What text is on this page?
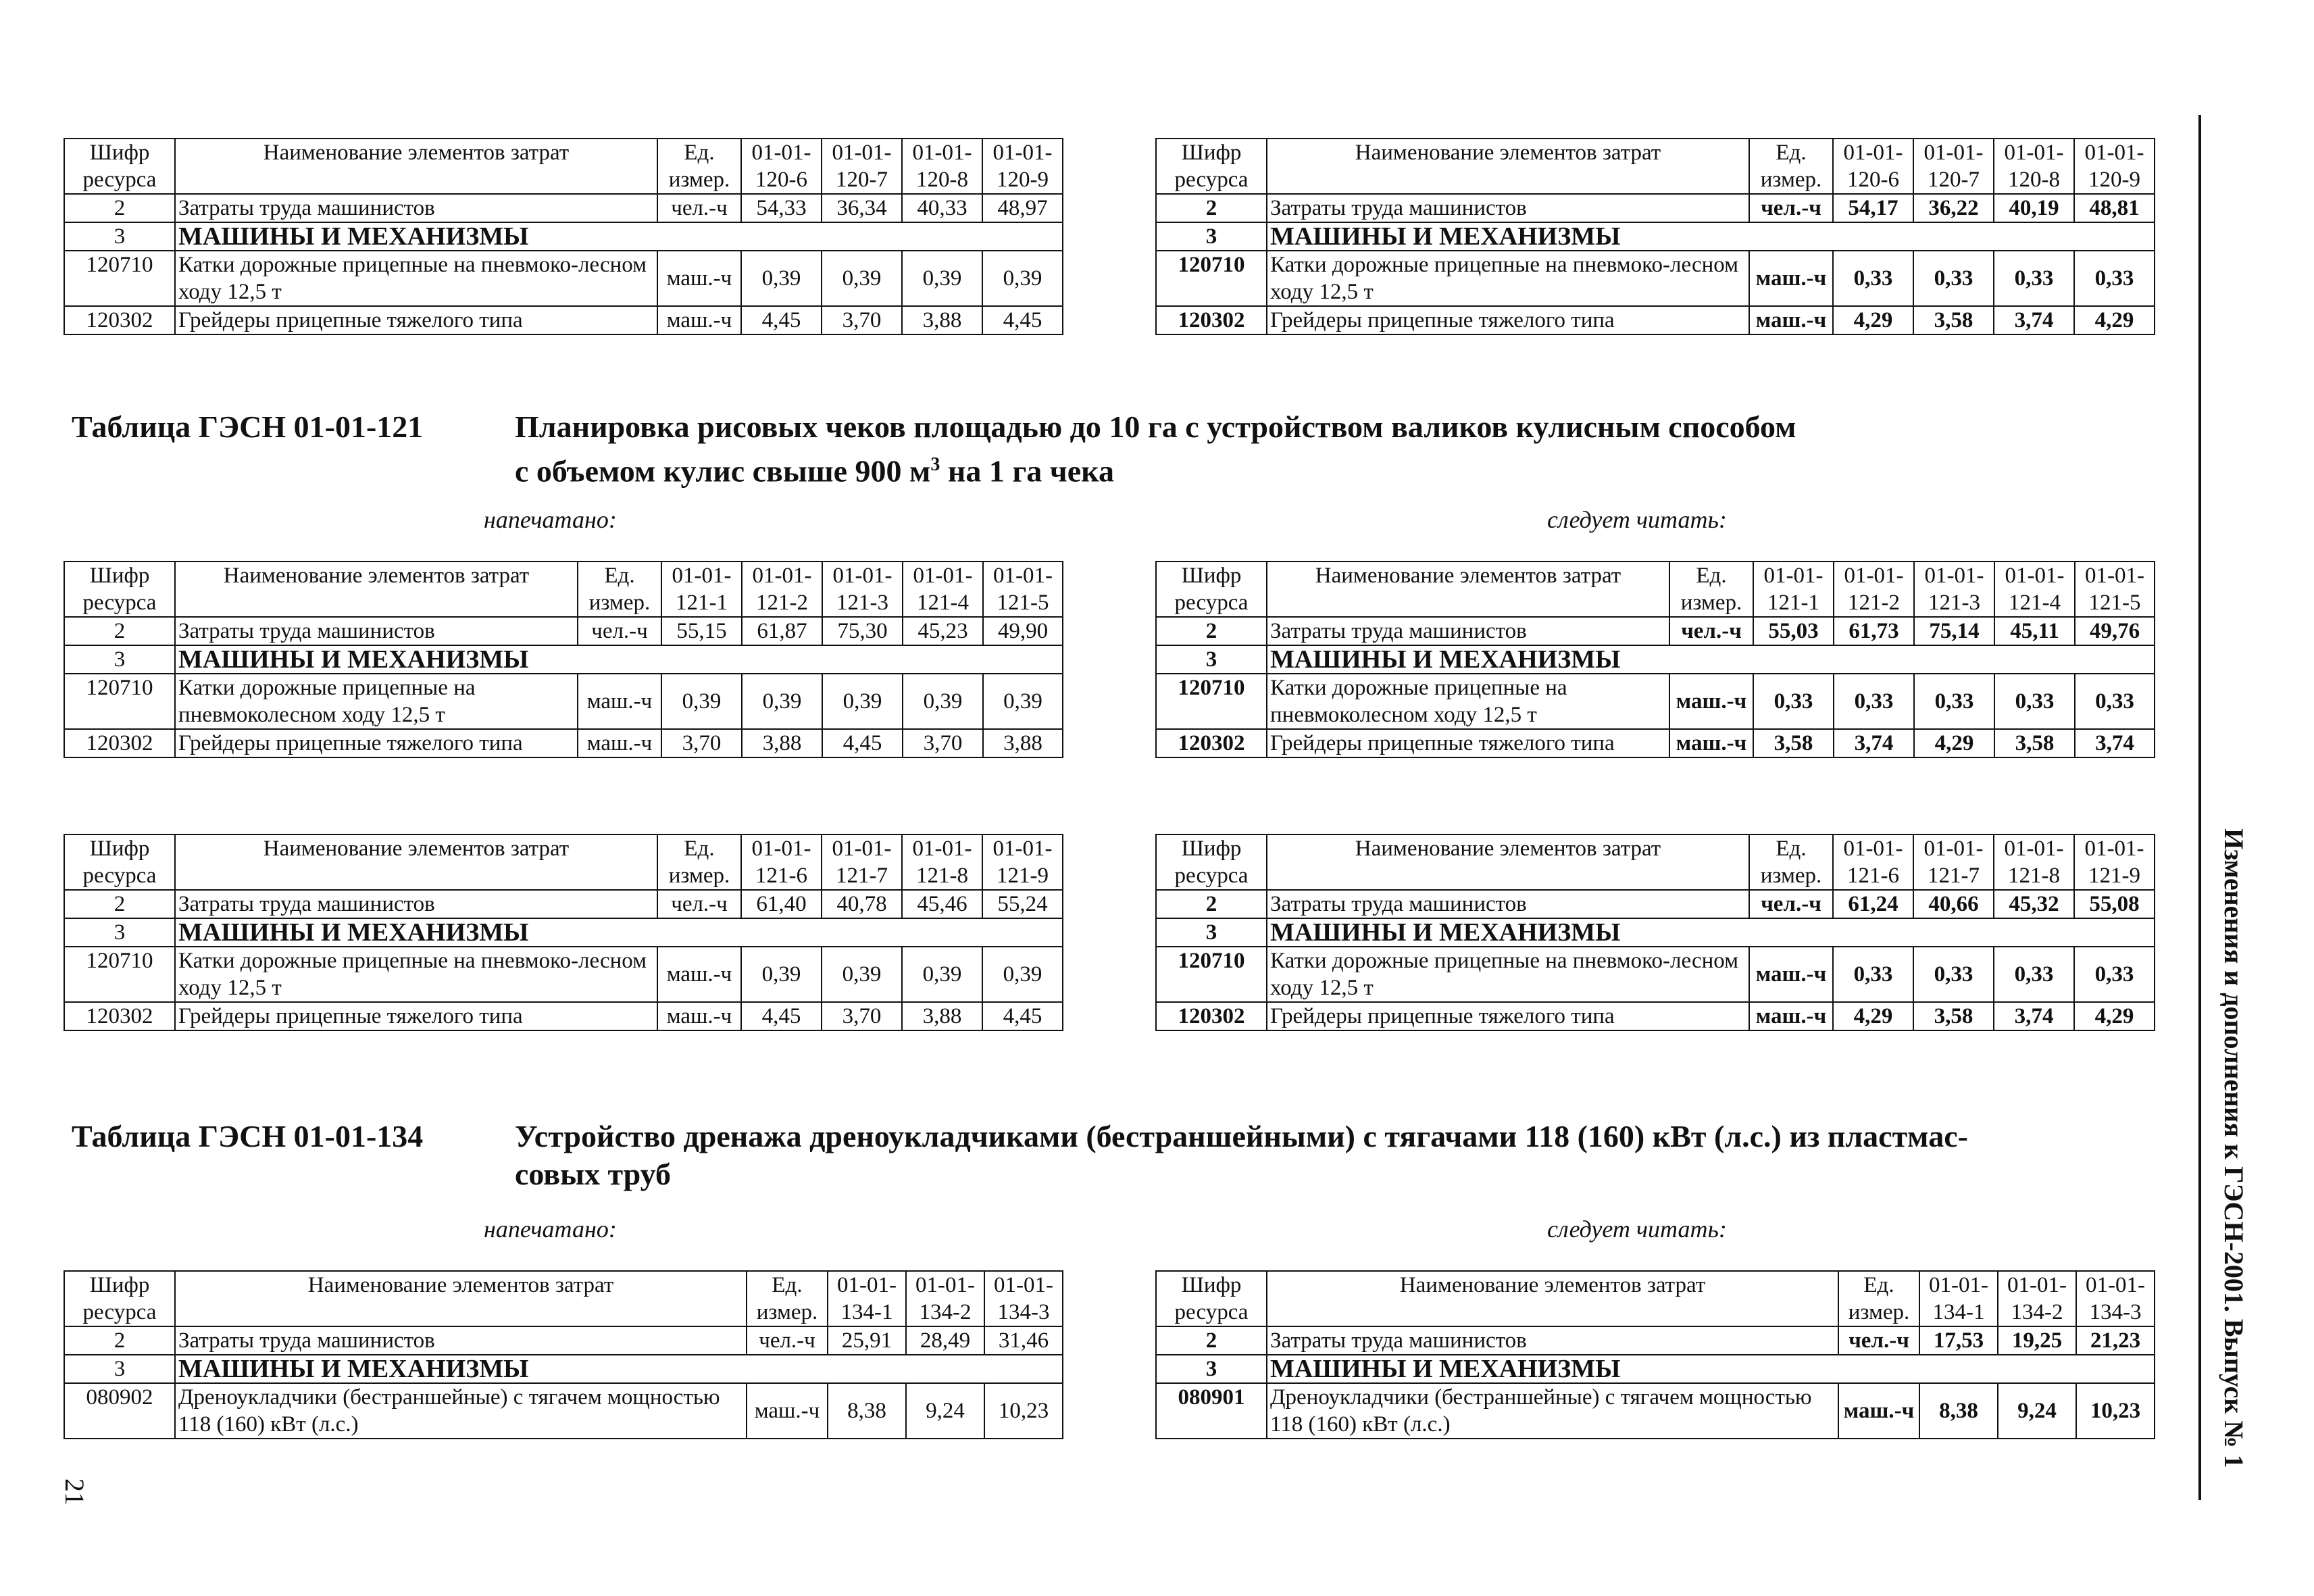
Шифр ресурса	Наименование элементов затрат	Ед. измер.	01-01-120-6	01-01-120-7	01-01-120-8	01-01-120-9
2	Затраты труда машинистов	чел.-ч	54,33	36,34	40,33	48,97
3	МАШИНЫ И МЕХАНИЗМЫ					
120710	Катки дорожные прицепные на пневмоко-лесном ходу 12,5 т	маш.-ч	0,39	0,39	0,39	0,39
120302	Грейдеры прицепные тяжелого типа	маш.-ч	4,45	3,70	3,88	4,45
Шифр ресурса	Наименование элементов затрат	Ед. измер.	01-01-120-6	01-01-120-7	01-01-120-8	01-01-120-9
2	Затраты труда машинистов	чел.-ч	54,17	36,22	40,19	48,81
3	МАШИНЫ И МЕХАНИЗМЫ					
120710	Катки дорожные прицепные на пневмоко-лесном ходу 12,5 т	маш.-ч	0,33	0,33	0,33	0,33
120302	Грейдеры прицепные тяжелого типа	маш.-ч	4,29	3,58	3,74	4,29
Таблица ГЭСН 01-01-121	Планировка рисовых чеков площадью до 10 га с устройством валиков кулисным способом
с объемом кулис свыше 900 $м^3$ на 1 га чека
напечатано:	следует читать:
Шифр ресурса	Наименование элементов затрат	Ед. измер.	01-01-121-1	01-01-121-2	01-01-121-3	01-01-121-4	01-01-121-5
2	Затраты труда машинистов	чел.-ч	55,15	61,87	75,30	45,23	49,90
3	МАШИНЫ И МЕХАНИЗМЫ						
120710	Катки дорожные прицепные на пневмоколесном ходу 12,5 т	маш.-ч	0,39	0,39	0,39	0,39	0,39
120302	Грейдеры прицепные тяжелого типа	маш.-ч	3,70	3,88	4,45	3,70	3,88
Шифр ресурса	Наименование элементов затрат	Ед. измер.	01-01-121-1	01-01-121-2	01-01-121-3	01-01-121-4	01-01-121-5
2	Затраты труда машинистов	чел.-ч	55,03	61,73	75,14	45,11	49,76
3	МАШИНЫ И МЕХАНИЗМЫ						
120710	Катки дорожные прицепные на пневмоколесном ходу 12,5 т	маш.-ч	0,33	0,33	0,33	0,33	0,33
120302	Грейдеры прицепные тяжелого типа	маш.-ч	3,58	3,74	4,29	3,58	3,74
Шифр ресурса	Наименование элементов затрат	Ед. измер.	01-01-121-6	01-01-121-7	01-01-121-8	01-01-121-9
2	Затраты труда машинистов	чел.-ч	61,40	40,78	45,46	55,24
3	МАШИНЫ И МЕХАНИЗМЫ					
120710	Катки дорожные прицепные на пневмоко-лесном ходу 12,5 т	маш.-ч	0,39	0,39	0,39	0,39
120302	Грейдеры прицепные тяжелого типа	маш.-ч	4,45	3,70	3,88	4,45
Шифр ресурса	Наименование элементов затрат	Ед. измер.	01-01-121-6	01-01-121-7	01-01-121-8	01-01-121-9
2	Затраты труда машинистов	чел.-ч	61,24	40,66	45,32	55,08
3	МАШИНЫ И МЕХАНИЗМЫ					
120710	Катки дорожные прицепные на пневмоко-лесном ходу 12,5 т	маш.-ч	0,33	0,33	0,33	0,33
120302	Грейдеры прицепные тяжелого типа	маш.-ч	4,29	3,58	3,74	4,29
Таблица ГЭСН 01-01-134	Устройство дренажа дреноукладчиками (бестраншейными) с тягачами 118 (160) кВт (л.с.) из пластмас-
совых труб
напечатано:	следует читать:
Шифр ресурса	Наименование элементов затрат	Ед. измер.	01-01-134-1	01-01-134-2	01-01-134-3
2	Затраты труда машинистов	чел.-ч	25,91	28,49	31,46
3	МАШИНЫ И МЕХАНИЗМЫ				
080902	Дреноукладчики (бестраншейные) с тягачем мощностью 118 (160) кВт (л.с.)	маш.-ч	8,38	9,24	10,23
Шифр ресурса	Наименование элементов затрат	Ед. измер.	01-01-134-1	01-01-134-2	01-01-134-3
2	Затраты труда машинистов	чел.-ч	17,53	19,25	21,23
3	МАШИНЫ И МЕХАНИЗМЫ				
080901	Дреноукладчики (бестраншейные) с тягачем мощностью 118 (160) кВт (л.с.)	маш.-ч	8,38	9,24	10,23	Изменения и дополнения к ГЭСН-2001. Выпуск № 1
21
